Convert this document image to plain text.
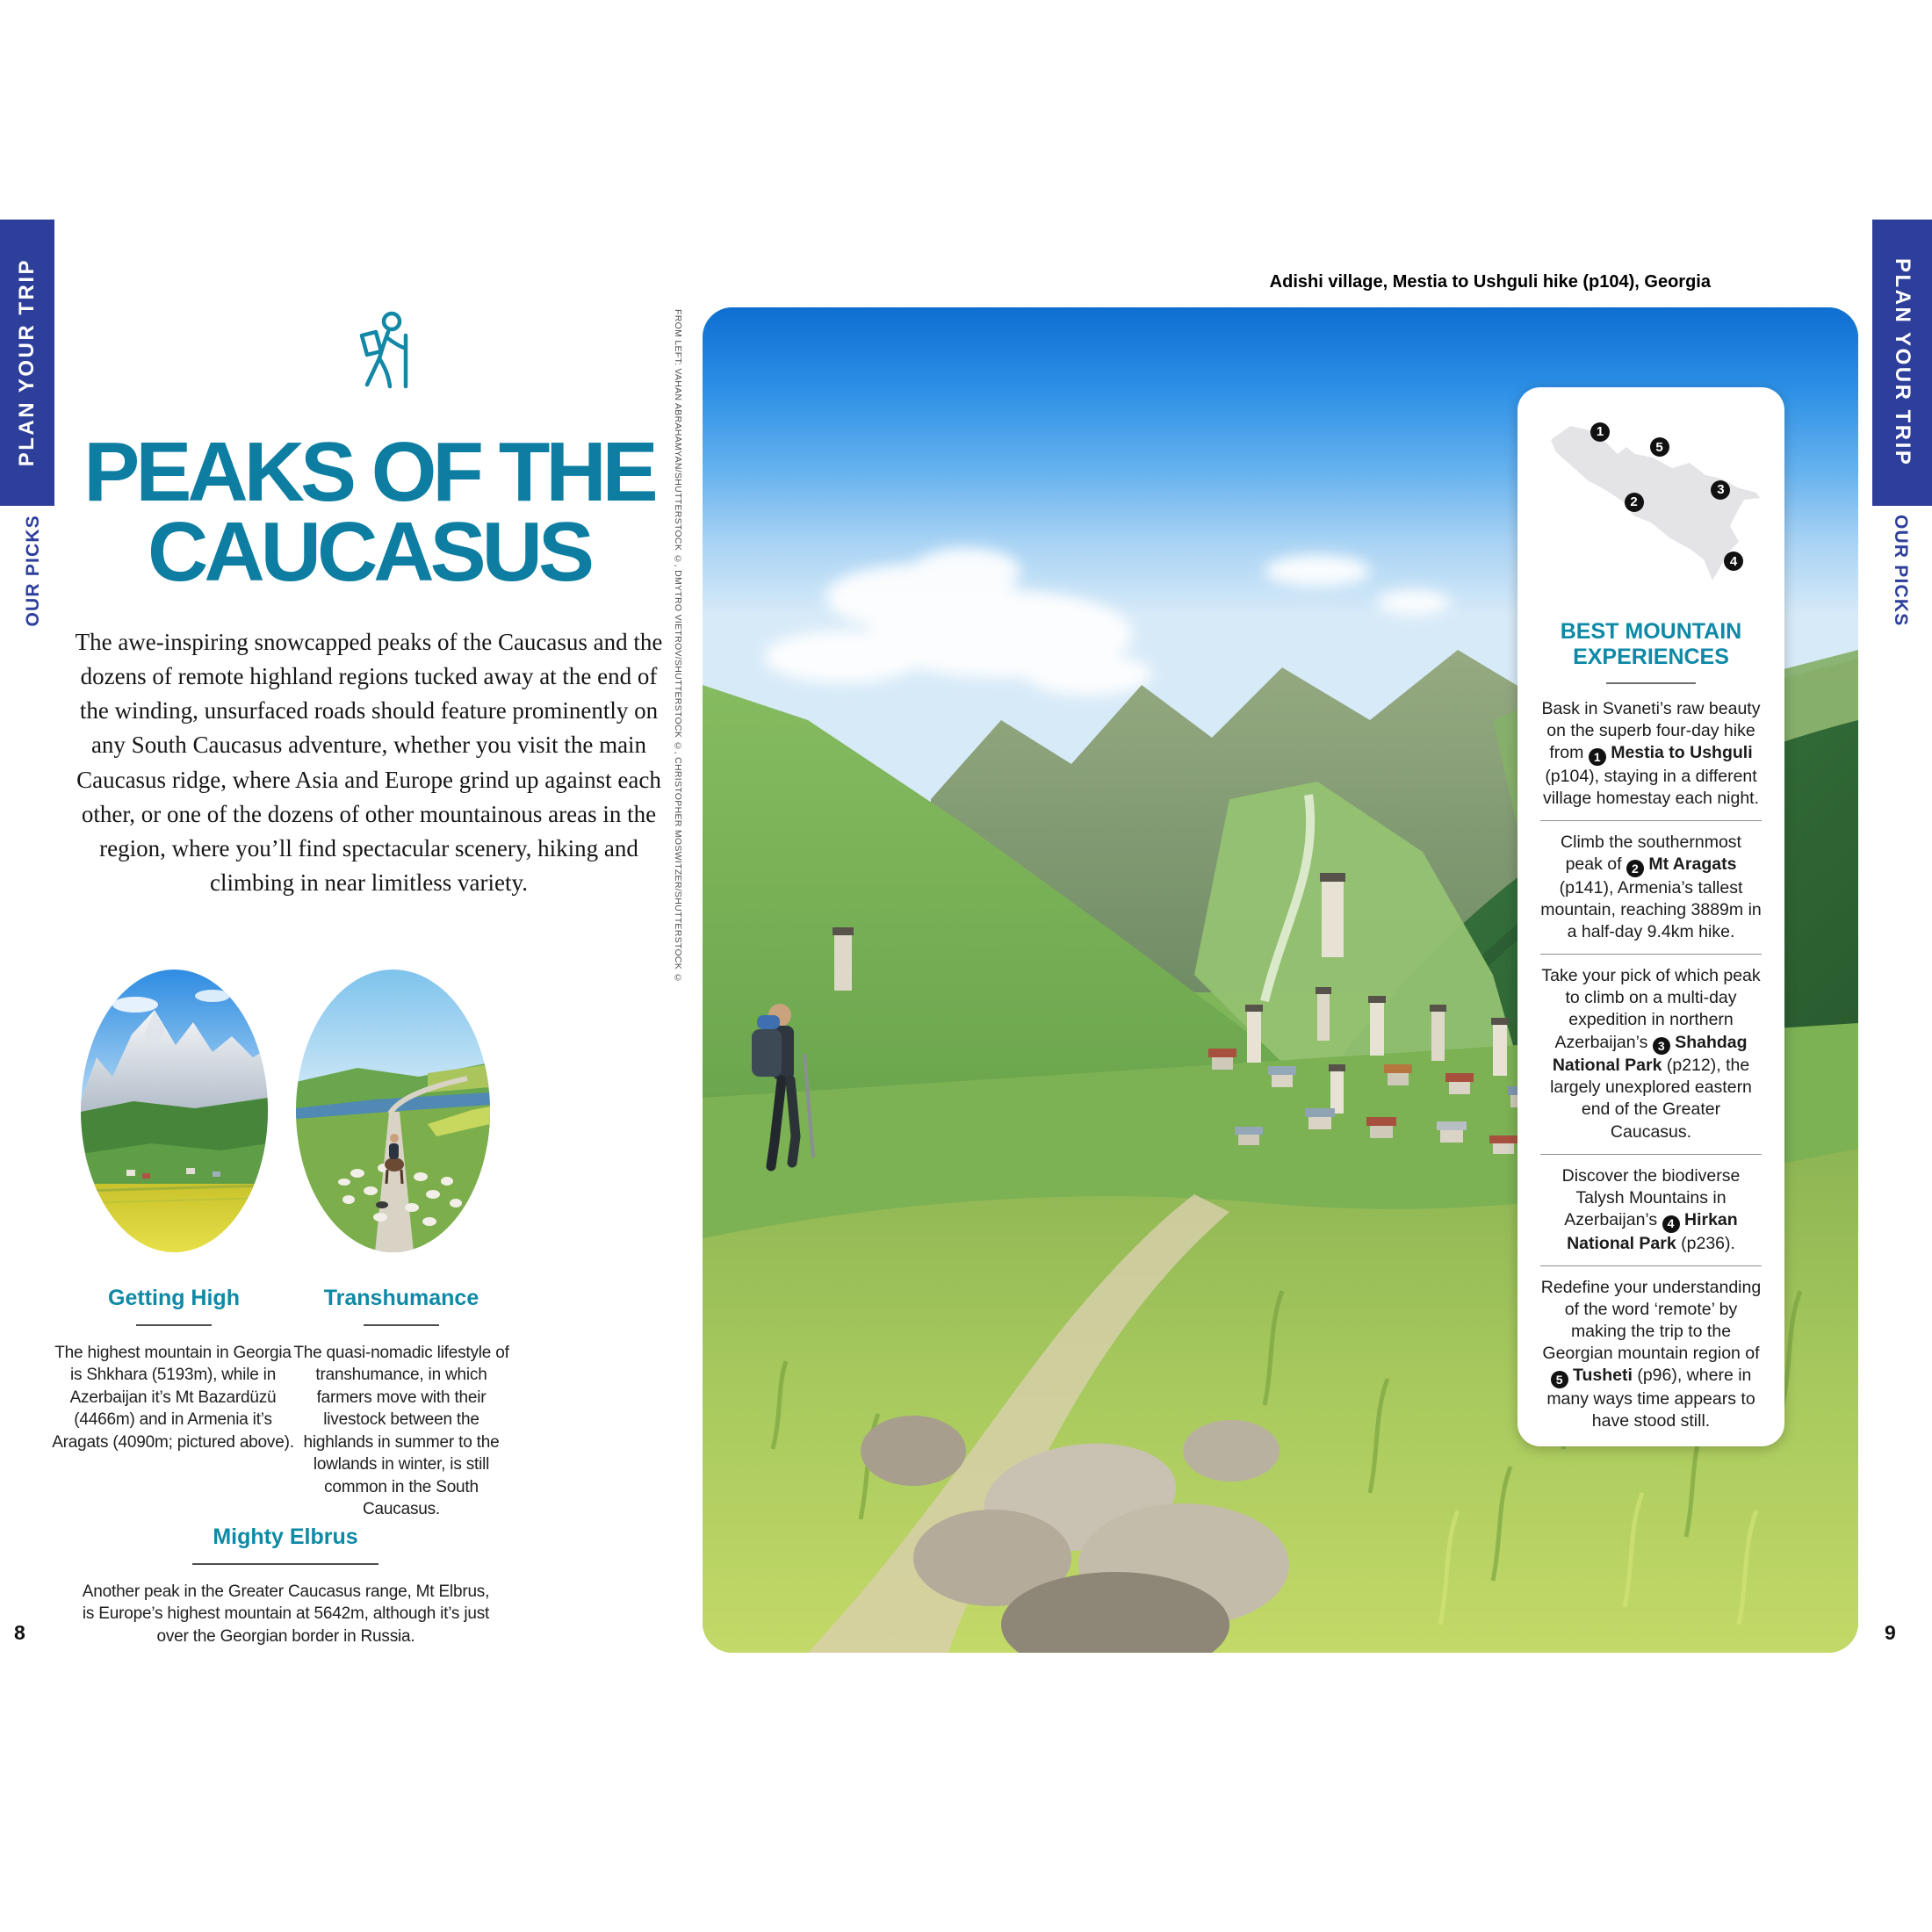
PLAN YOUR TRIP
OUR PICKS
PLAN YOUR TRIP
OUR PICKS
PEAKS OF THE
CAUCASUS
The awe-inspiring snowcapped peaks of the Caucasus and the dozens of remote highland regions tucked away at the end of the winding, unsurfaced roads should feature prominently on any South Caucasus adventure, whether you visit the main Caucasus ridge, where Asia and Europe grind up against each other, or one of the dozens of other mountainous areas in the region, where you’ll find spectacular scenery, hiking and climbing in near limitless variety.
Getting High	Transhumance
The highest mountain in Georgia is Shkhara (5193m), while in Azerbaijan it’s Mt Bazardüzü (4466m) and in Armenia it’s Aragats (4090m; pictured above).
The quasi-nomadic lifestyle of transhumance, in which farmers move with their livestock between the highlands in summer to the lowlands in winter, is still common in the South Caucasus.
Mighty Elbrus
Another peak in the Greater Caucasus range, Mt Elbrus, is Europe’s highest mountain at 5642m, although it’s just over the Georgian border in Russia.
8
Adishi village, Mestia to Ushguli hike (p104), Georgia
FROM LEFT: VAHAN ABRAHAMYAN/SHUTTERSTOCK ©, DMYTRO VIETROV/SHUTTERSTOCK ©, CHRISTOPHER MOSWITZER/SHUTTERSTOCK ©	1
5
3
2
4
BEST MOUNTAIN
EXPERIENCES
Bask in Svaneti’s raw beauty on the superb four-day hike from 1 Mestia to Ushguli (p104), staying in a different village homestay each night.
Climb the southernmost peak of 2 Mt Aragats (p141), Armenia’s tallest mountain, reaching 3889m in a half-day 9.4km hike.
Take your pick of which peak to climb on a multi-day expedition in northern Azerbaijan’s 3 Shahdag National Park (p212), the largely unexplored eastern end of the Greater Caucasus.
Discover the biodiverse Talysh Mountains in Azerbaijan’s 4 Hirkan National Park (p236).
Redefine your understanding of the word ‘remote’ by making the trip to the Georgian mountain region of 5 Tusheti (p96), where in many ways time appears to have stood still.
9
